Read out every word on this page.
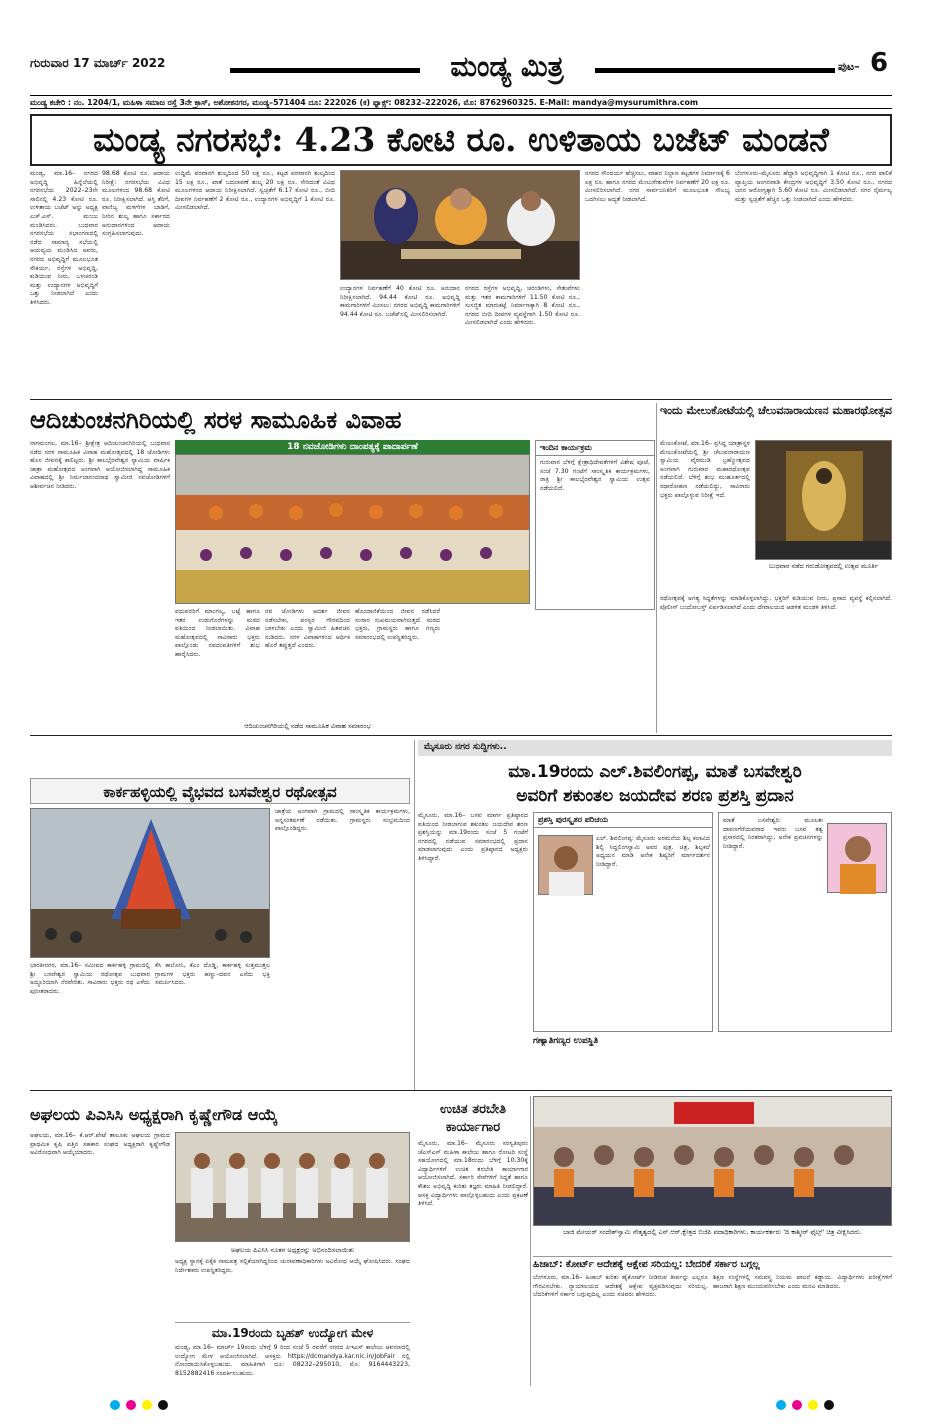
ಗುರುವಾರ 17 ಮಾರ್ಚ್ 2022	ಮಂಡ್ಯ ಮಿತ್ರ	ಪುಟ– 6
ಮಂಡ್ಯ ಕಚೇರಿ : ನಂ. 1204/1, ಮಹಿಳಾ ಸಮಾಜ ರಸ್ತೆ 3ನೇ ಕ್ರಾಸ್, ಅಶೋಕನಗರ, ಮಂಡ್ಯ–571404 ದೂ: 222026 (ಕ) ಫ್ಯಾಕ್ಸ್: 08232–222026, ಮೊ: 8762960325. E-Mail: mandya@mysurumithra.com
ಮಂಡ್ಯ ನಗರಸಭೆ: 4.23 ಕೋಟಿ ರೂ. ಉಳಿತಾಯ ಬಜೆಟ್ ಮಂಡನೆ
ಮಂಡ್ಯ, ಮಾ.16– ನಗರದ ಅಭಿವೃದ್ಧಿ ಹಿನ್ನೆಲೆಯಲ್ಲಿ ನಗರಸಭೆಯ 2022–23ನೇ ಸಾಲಿನಲ್ಲಿ 4.23 ಕೋಟಿ ರೂ. ಉಳಿತಾಯ ಬಜೆಟ್ ಅನ್ನು ಅಧ್ಯಕ್ಷ ಎಚ್.ಎಸ್. ಮಂಜು ಮಂಡಿಸಿದರು. ಬುಧವಾರ ನಗರಸಭೆಯ ಸಭಾಂಗಣದಲ್ಲಿ ನಡೆದ ಸಾಮಾನ್ಯ ಸಭೆಯಲ್ಲಿ ಆಯವ್ಯಯ ಮಂಡಿಸಿದ ಅವರು, ನಗರದ ಅಭಿವೃದ್ಧಿಗೆ ಮೂಲಭೂತ ಸೌಕರ್ಯ, ರಸ್ತೆಗಳ ಅಭಿವೃದ್ಧಿ, ಕುಡಿಯುವ ನೀರು, ಒಳಚರಂಡಿ ಮತ್ತು ಉದ್ಯಾನಗಳ ಅಭಿವೃದ್ಧಿಗೆ ಒತ್ತು ನೀಡಲಾಗಿದೆ ಎಂದು ತಿಳಿಸಿದರು.
98.68 ಕೋಟಿ ರೂ. ಆದಾಯ ನಿರೀಕ್ಷೆ: ನಗರಸಭೆಯ ವಿವಿಧ ಮೂಲಗಳಿಂದ 98.68 ಕೋಟಿ ರೂ. ನಿರೀಕ್ಷಿಸಲಾಗಿದೆ. ಆಸ್ತಿ ತೆರಿಗೆ, ವಾಣಿಜ್ಯ ಮಳಿಗೆಗಳ ಬಾಡಿಗೆ, ನೀರಿನ ಶುಲ್ಕ ಹಾಗೂ ಸರ್ಕಾರದ ಅನುದಾನಗಳಿಂದ ಆದಾಯ ಸಂಗ್ರಹಿಸಲಾಗುವುದು.
ಉದ್ದಿಮೆ ಪರವಾನಗಿ ಶುಲ್ಕದಿಂದ 50 ಲಕ್ಷ ರೂ., ಕಟ್ಟಡ ಪರವಾನಗಿ ಶುಲ್ಕದಿಂದ 15 ಲಕ್ಷ ರೂ., ಖಾತೆ ಬದಲಾವಣೆ ಶುಲ್ಕ 20 ಲಕ್ಷ ರೂ. ಸೇರಿದಂತೆ ವಿವಿಧ ಮೂಲಗಳಿಂದ ಆದಾಯ ನಿರೀಕ್ಷಿಸಲಾಗಿದೆ. ಸ್ವಚ್ಛತೆಗೆ 6.17 ಕೋಟಿ ರೂ., ಬೀದಿ ದೀಪಗಳ ನಿರ್ವಹಣೆಗೆ 2 ಕೋಟಿ ರೂ., ಉದ್ಯಾನಗಳ ಅಭಿವೃದ್ಧಿಗೆ 1 ಕೋಟಿ ರೂ. ಮೀಸಲಿಡಲಾಗಿದೆ.
ಉದ್ಯಾನಗಳ ನಿರ್ವಹಣೆಗೆ 40 ಕೋಟಿ ರೂ. ಅನುದಾನ ನಿರೀಕ್ಷಿಸಲಾಗಿದೆ. 94.44 ಕೋಟಿ ರೂ. ಅಭಿವೃದ್ಧಿ ಕಾಮಗಾರಿಗಳಿಗೆ ಮೀಸಲು: ನಗರದ ಅಭಿವೃದ್ಧಿ ಕಾಮಗಾರಿಗಳಿಗೆ 94.44 ಕೋಟಿ ರೂ. ಬಜೆಟ್‌ನಲ್ಲಿ ಮೀಸಲಿರಿಸಲಾಗಿದೆ.
ನಗರದ ರಸ್ತೆಗಳ ಅಭಿವೃದ್ಧಿ, ಚರಂಡಿಗಳು, ಸೇತುವೆಗಳು ಮತ್ತು ಇತರ ಕಾಮಗಾರಿಗಳಿಗೆ 11.50 ಕೋಟಿ ರೂ., ಸುಸಜ್ಜಿತ ಮಾರುಕಟ್ಟೆ ನಿರ್ಮಾಣಕ್ಕಾಗಿ 8 ಕೋಟಿ ರೂ., ನಗರದ ಬೀದಿ ದೀಪಗಳ ವ್ಯವಸ್ಥೆಗಾಗಿ 1.50 ಕೋಟಿ ರೂ. ಮೀಸಲಿಡಲಾಗಿದೆ ಎಂದು ಹೇಳಿದರು.
ನಗರದ ಸೌಂದರ್ಯ ಹೆಚ್ಚಿಸಲು, ವಾಹನ ನಿಲ್ದಾಣ ಕಟ್ಟಡಗಳ ನಿರ್ಮಾಣಕ್ಕೆ 6 ಲಕ್ಷ ರೂ. ಹಾಗೂ ನಗರದ ಮೇಲುಸೇತುವೆಗಳ ನಿರ್ವಹಣೆಗೆ 20 ಲಕ್ಷ ರೂ. ಮೀಸಲಿರಿಸಲಾಗಿದೆ. ನಗರ ಸಾರ್ವಜನಿಕರಿಗೆ ಮೂಲಭೂತ ಸೌಲಭ್ಯ ಒದಗಿಸಲು ಆದ್ಯತೆ ನೀಡಲಾಗಿದೆ.
ಬೆಂಗಳೂರು–ಮೈಸೂರು ಹೆದ್ದಾರಿ ಅಭಿವೃದ್ಧಿಗಾಗಿ 1 ಕೋಟಿ ರೂ., ನಗರ ಪಾಲಿಕೆ ವ್ಯಾಪ್ತಿಯ ಅಂಗನವಾಡಿ ಕೇಂದ್ರಗಳ ಅಭಿವೃದ್ಧಿಗೆ 3.50 ಕೋಟಿ ರೂ., ನಗರದ ಜನರ ಆರೋಗ್ಯಕ್ಕಾಗಿ 5.60 ಕೋಟಿ ರೂ. ಮೀಸಲಿಡಲಾಗಿದೆ. ನಗರ ನೈರ್ಮಲ್ಯ ಮತ್ತು ಸ್ವಚ್ಛತೆಗೆ ಹೆಚ್ಚಿನ ಒತ್ತು ನೀಡಲಾಗಿದೆ ಎಂದು ಹೇಳಿದರು.
ಆದಿಚುಂಚನಗಿರಿಯಲ್ಲಿ ಸರಳ ಸಾಮೂಹಿಕ ವಿವಾಹ
ನಾಗಮಂಗಲ, ಮಾ.16– ಶ್ರೀಕ್ಷೇತ್ರ ಆದಿಚುಂಚನಗಿರಿಯಲ್ಲಿ ಬುಧವಾರ ನಡೆದ ಸರಳ ಸಾಮೂಹಿಕ ವಿವಾಹ ಮಹೋತ್ಸವದಲ್ಲಿ 18 ಜೋಡಿಗಳು ಹೊಸ ಜೀವನಕ್ಕೆ ಕಾಲಿಟ್ಟರು. ಶ್ರೀ ಕಾಲಭೈರವೇಶ್ವರ ಸ್ವಾಮಿಯ ವಾರ್ಷಿಕ ಜಾತ್ರಾ ಮಹೋತ್ಸವದ ಅಂಗವಾಗಿ ಆಯೋಜಿಸಲಾಗಿದ್ದ ಸಾಮೂಹಿಕ ವಿವಾಹದಲ್ಲಿ ಶ್ರೀ ನಿರ್ಮಲಾನಂದನಾಥ ಸ್ವಾಮೀಜಿ ನವಜೋಡಿಗಳಿಗೆ ಆಶೀರ್ವಚನ ನೀಡಿದರು.
18 ನವಜೋಡಿಗಳು ದಾಂಪತ್ಯಕ್ಕೆ ಪಾದಾರ್ಪಣೆ	ಇಂದಿನ ಕಾರ್ಯಕ್ರಮ
ಗುರುವಾರ ಬೆಳಿಗ್ಗೆ ಕ್ಷೇತ್ರಾಧಿದೇವತೆಗಳಿಗೆ ವಿಶೇಷ ಪೂಜೆ, ಸಂಜೆ 7.30 ಗಂಟೆಗೆ ಸಾಂಸ್ಕೃತಿಕ ಕಾರ್ಯಕ್ರಮಗಳು, ರಾತ್ರಿ ಶ್ರೀ ಕಾಲಭೈರವೇಶ್ವರ ಸ್ವಾಮಿಯ ಉತ್ಸವ ನಡೆಯಲಿದೆ.
ವಧುವರರಿಗೆ ಮಾಂಗಲ್ಯ, ಬಟ್ಟೆ ಹಾಗೂ ಇತರ ಉಡುಗೊರೆಗಳನ್ನು ಮಠದ ವತಿಯಿಂದ ನೀಡಲಾಯಿತು. ವಿವಾಹ ಮಹೋತ್ಸವದಲ್ಲಿ ಸಾವಿರಾರು ಭಕ್ತರು ಪಾಲ್ಗೊಂಡು ನವದಂಪತಿಗಳಿಗೆ ಶುಭ ಹಾರೈಸಿದರು.
ನವ ಜೋಡಿಗಳು ಆದರ್ಶ ಜೀವನ ನಡೆಸಬೇಕು, ಪರಸ್ಪರ ಗೌರವದಿಂದ ಬಾಳಬೇಕು ಎಂದು ಸ್ವಾಮೀಜಿ ಹಿತವಚನ ನುಡಿದರು. ಸರಳ ವಿವಾಹಗಳಿಂದ ಆರ್ಥಿಕ ಹೊರೆ ತಪ್ಪುತ್ತದೆ ಎಂದರು.
ಹೊಂದಾಣಿಕೆಯಿಂದ ಜೀವನ ನಡೆಸಿದರೆ ಸಂಸಾರ ಸುಖಮಯವಾಗಿರುತ್ತದೆ. ಮಠದ ಭಕ್ತರು, ಗ್ರಾಮಸ್ಥರು ಹಾಗೂ ಗಣ್ಯರು ಸಮಾರಂಭದಲ್ಲಿ ಉಪಸ್ಥಿತರಿದ್ದರು.
ಆದಿಚುಂಚನಗಿರಿಯಲ್ಲಿ ನಡೆದ ಸಾಮೂಹಿಕ ವಿವಾಹ ಸಮಾರಂಭ
ಇಂದು ಮೇಲುಕೋಟೆಯಲ್ಲಿ ಚೆಲುವನಾರಾಯಣನ ಮಹಾರಥೋತ್ಸವ
ಮೇಲುಕೋಟೆ, ಮಾ.16– ಪ್ರಸಿದ್ಧ ಯಾತ್ರಾಸ್ಥಳ ಮೇಲುಕೋಟೆಯಲ್ಲಿ ಶ್ರೀ ಚೆಲುವನಾರಾಯಣ ಸ್ವಾಮಿಯ ವೈರಮುಡಿ ಬ್ರಹ್ಮೋತ್ಸವದ ಅಂಗವಾಗಿ ಗುರುವಾರ ಮಹಾರಥೋತ್ಸವ ನಡೆಯಲಿದೆ. ಬೆಳಿಗ್ಗೆ ಶುಭ ಮುಹೂರ್ತದಲ್ಲಿ ರಥಾರೋಹಣ ನಡೆಯಲಿದ್ದು, ಸಾವಿರಾರು ಭಕ್ತರು ಪಾಲ್ಗೊಳ್ಳುವ ನಿರೀಕ್ಷೆ ಇದೆ.
ಬುಧವಾರ ನಡೆದ ಗರುಡೋತ್ಸವದಲ್ಲಿ ಉತ್ಸವ ಮೂರ್ತಿ
ರಥೋತ್ಸವಕ್ಕೆ ಅಗತ್ಯ ಸಿದ್ಧತೆಗಳನ್ನು ಮಾಡಿಕೊಳ್ಳಲಾಗಿದ್ದು, ಭಕ್ತರಿಗೆ ಕುಡಿಯುವ ನೀರು, ಪ್ರಸಾದ ವ್ಯವಸ್ಥೆ ಕಲ್ಪಿಸಲಾಗಿದೆ. ಪೊಲೀಸ್ ಬಂದೋಬಸ್ತ್ ಏರ್ಪಡಿಸಲಾಗಿದೆ ಎಂದು ದೇವಾಲಯದ ಆಡಳಿತ ಮಂಡಳಿ ತಿಳಿಸಿದೆ.
ಕಾರ್ಕಹಳ್ಳಿಯಲ್ಲಿ ವೈಭವದ ಬಸವೇಶ್ವರ ರಥೋತ್ಸವ
ಭಾರತೀನಗರ, ಮಾ.16– ಸಮೀಪದ ಕಾರ್ಕಹಳ್ಳಿ ಗ್ರಾಮದಲ್ಲಿ ಶ್ರೀ ಬಸವೇಶ್ವರ ಸ್ವಾಮಿಯ ರಥೋತ್ಸವ ಬುಧವಾರ ಅದ್ಧೂರಿಯಾಗಿ ನೆರವೇರಿತು. ಸಾವಿರಾರು ಭಕ್ತರು ರಥ ಎಳೆದು ಪುನೀತರಾದರು.
ಕೆಸಿ ಕಾಲೋನಿ, ಕೆಎಂ ದೊಡ್ಡಿ, ಕಾರ್ಕಹಳ್ಳಿ ಸುತ್ತಮುತ್ತಲ ಗ್ರಾಮಗಳ ಭಕ್ತರು ಹಣ್ಣು–ದವನ ಎಸೆದು ಭಕ್ತಿ ಸಮರ್ಪಿಸಿದರು.
ಜಾತ್ರೆಯ ಅಂಗವಾಗಿ ಗ್ರಾಮದಲ್ಲಿ ಸಾಂಸ್ಕೃತಿಕ ಕಾರ್ಯಕ್ರಮಗಳು, ಅನ್ನಸಂತರ್ಪಣೆ ನಡೆಯಿತು. ಗ್ರಾಮಸ್ಥರು ಸಂಭ್ರಮದಿಂದ ಪಾಲ್ಗೊಂಡಿದ್ದರು.
ಮೈಸೂರು ನಗರ ಸುದ್ದಿಗಳು..
ಮಾ.19ರಂದು ಎಲ್.ಶಿವಲಿಂಗಪ್ಪ, ಮಾತೆ ಬಸವೇಶ್ವರಿ
ಅವರಿಗೆ ಶಕುಂತಲ ಜಯದೇವ ಶರಣ ಪ್ರಶಸ್ತಿ ಪ್ರದಾನ
ಮೈಸೂರು, ಮಾ.16– ಬಸವ ಮಾರ್ಗ ಪ್ರತಿಷ್ಠಾನದ ವತಿಯಿಂದ ನೀಡಲಾಗುವ ಶಕುಂತಲ ಜಯದೇವ ಶರಣ ಪ್ರಶಸ್ತಿಯನ್ನು ಮಾ.19ರಂದು ಸಂಜೆ 5 ಗಂಟೆಗೆ ನಗರದಲ್ಲಿ ನಡೆಯುವ ಸಮಾರಂಭದಲ್ಲಿ ಪ್ರದಾನ ಮಾಡಲಾಗುವುದು ಎಂದು ಪ್ರತಿಷ್ಠಾನದ ಅಧ್ಯಕ್ಷರು ತಿಳಿಸಿದ್ದಾರೆ.
ಪ್ರಶಸ್ತಿ ಪುರಸ್ಕೃತರ ಪರಿಚಯ
ಎಲ್. ಶಿವಲಿಂಗಪ್ಪ: ಮೈಸೂರು ಅರಮನೆಯ ಶಿಲ್ಪ ಕಲಾವಿದ ಶಿಲ್ಪಿ ಸಿದ್ದಲಿಂಗಸ್ವಾಮಿ ಅವರ ಪುತ್ರ. ಚಿತ್ರ, ಶಿಲ್ಪಕಲೆ ಅಧ್ಯಯನ ಮಾಡಿ ಅನೇಕ ಶಿಷ್ಯರಿಗೆ ಮಾರ್ಗದರ್ಶನ ನೀಡಿದ್ದಾರೆ.
ಮಾತೆ ಬಸವೇಶ್ವರಿ: ಮೂಲತಃ ದಾವಣಗೆರೆಯವರಾದ ಇವರು ಬಸವ ತತ್ವ ಪ್ರಸಾರದಲ್ಲಿ ನಿರತರಾಗಿದ್ದು, ಅನೇಕ ಪ್ರವಚನಗಳನ್ನು ನೀಡಿದ್ದಾರೆ.
ಗಣ್ಯಾತಿಗಣ್ಯರ ಉಪಸ್ಥಿತಿ
ಅಘಲಯ ಪಿಎಸಿಸಿ ಅಧ್ಯಕ್ಷರಾಗಿ ಕೃಷ್ಣೇಗೌಡ ಆಯ್ಕೆ
ಅಘಲಯ, ಮಾ.16– ಕೆ.ಆರ್.ಪೇಟೆ ತಾಲೂಕು ಅಘಲಯ ಗ್ರಾಮದ ಪ್ರಾಥಮಿಕ ಕೃಷಿ ಪತ್ತಿನ ಸಹಕಾರ ಸಂಘದ ಅಧ್ಯಕ್ಷರಾಗಿ ಕೃಷ್ಣೇಗೌಡ ಅವಿರೋಧವಾಗಿ ಆಯ್ಕೆಯಾದರು.
ಅಘಲಯ ಪಿಎಸಿಸಿ ನೂತನ ಅಧ್ಯಕ್ಷರನ್ನು ಅಭಿನಂದಿಸಲಾಯಿತು
ಅಧ್ಯಕ್ಷ ಸ್ಥಾನಕ್ಕೆ ಏಕೈಕ ನಾಮಪತ್ರ ಸಲ್ಲಿಕೆಯಾಗಿದ್ದರಿಂದ ಚುನಾವಣಾಧಿಕಾರಿಗಳು ಅವಿರೋಧ ಆಯ್ಕೆ ಘೋಷಿಸಿದರು. ಸಂಘದ ನಿರ್ದೇಶಕರು ಉಪಸ್ಥಿತರಿದ್ದರು.
ಮಾ.19ರಂದು ಬೃಹತ್ ಉದ್ಯೋಗ ಮೇಳ
ಮಂಡ್ಯ, ಮಾ.16– ಮಾರ್ಚ್ 19ರಂದು ಬೆಳಿಗ್ಗೆ 9 ರಿಂದ ಸಂಜೆ 5 ರವರೆಗೆ ನಗರದ ಪಿಇಎಸ್ ಕಾಲೇಜು ಆವರಣದಲ್ಲಿ ಉದ್ಯೋಗ ಮೇಳ ಆಯೋಜಿಸಲಾಗಿದೆ. ಆಸಕ್ತರು https://dcmandya.kar.nic.in/JobFair ನಲ್ಲಿ ನೋಂದಾಯಿಸಿಕೊಳ್ಳಬಹುದು. ಮಾಹಿತಿಗಾಗಿ ದೂ: 08232–295010, ಮೊ: 9164443223, 8152882416 ಸಂಪರ್ಕಿಸಬಹುದು.
ಉಚಿತ ತರಬೇತಿ
ಕಾರ್ಯಾಗಾರ
ಮೈಸೂರು, ಮಾ.16– ಮೈಸೂರು ಸರಸ್ವತಿಪುರಂ ಜೆಎಸ್‌ಎಸ್ ಮಹಿಳಾ ಕಾಲೇಜು ಹಾಗೂ ರೋಟರಿ ಸಂಸ್ಥೆ ಸಹಯೋಗದಲ್ಲಿ ಮಾ.18ರಂದು ಬೆಳಿಗ್ಗೆ 10.30ಕ್ಕೆ ವಿದ್ಯಾರ್ಥಿಗಳಿಗೆ ಉಚಿತ ತರಬೇತಿ ಕಾರ್ಯಾಗಾರ ಆಯೋಜಿಸಲಾಗಿದೆ. ಸರ್ಕಾರಿ ಸೇವೆಗಳಿಗೆ ಸಿದ್ಧತೆ ಹಾಗೂ ಕೌಶಲ ಅಭಿವೃದ್ಧಿ ಕುರಿತು ತಜ್ಞರು ಮಾಹಿತಿ ನೀಡಲಿದ್ದಾರೆ. ಆಸಕ್ತ ವಿದ್ಯಾರ್ಥಿಗಳು ಪಾಲ್ಗೊಳ್ಳಬಹುದು ಎಂದು ಪ್ರಕಟಣೆ ತಿಳಿಸಿದೆ.
ಬಾಜಿ ಮೇಯರ್ ಸಂದೇಶ್‌ಸ್ವಾಮಿ ನೇತೃತ್ವದಲ್ಲಿ ಎನ್.ಆರ್.ಕ್ಷೇತ್ರದ ಬಿಜೆಪಿ ಪದಾಧಿಕಾರಿಗಳು, ಕಾರ್ಯಕರ್ತರು 'ದಿ ಕಾಶ್ಮೀರ್ ಫೈಲ್ಸ್' ಚಿತ್ರ ವೀಕ್ಷಿಸಿದರು.
ಹಿಜಾಬ್: ಕೋರ್ಟ್ ಆದೇಶಕ್ಕೆ ಆಕ್ಷೇಪ ಸರಿಯಲ್ಲ: ಬೇದರಿಕೆ ಸರ್ಕಾರ ಬಗ್ಗಲ್ಲ
ಬೆಂಗಳೂರು, ಮಾ.16– ಹಿಜಾಬ್ ಕುರಿತು ಹೈಕೋರ್ಟ್ ನೀಡಿರುವ ತೀರ್ಪನ್ನು ಎಲ್ಲರೂ ಗೌರವಿಸಬೇಕು. ನ್ಯಾಯಾಲಯದ ಆದೇಶಕ್ಕೆ ಆಕ್ಷೇಪ ವ್ಯಕ್ತಪಡಿಸುವುದು ಸರಿಯಲ್ಲ. ಬೆದರಿಕೆಗಳಿಗೆ ಸರ್ಕಾರ ಬಗ್ಗುವುದಿಲ್ಲ ಎಂದು ಸಚಿವರು ಹೇಳಿದರು.
ಶಿಕ್ಷಣ ಸಂಸ್ಥೆಗಳಲ್ಲಿ ಸಮವಸ್ತ್ರ ನಿಯಮ ಪಾಲನೆ ಕಡ್ಡಾಯ. ವಿದ್ಯಾರ್ಥಿಗಳು ಪರೀಕ್ಷೆಗಳಿಗೆ ಹಾಜರಾಗಿ ಶಿಕ್ಷಣ ಮುಂದುವರಿಸಬೇಕು ಎಂದು ಮನವಿ ಮಾಡಿದರು.
